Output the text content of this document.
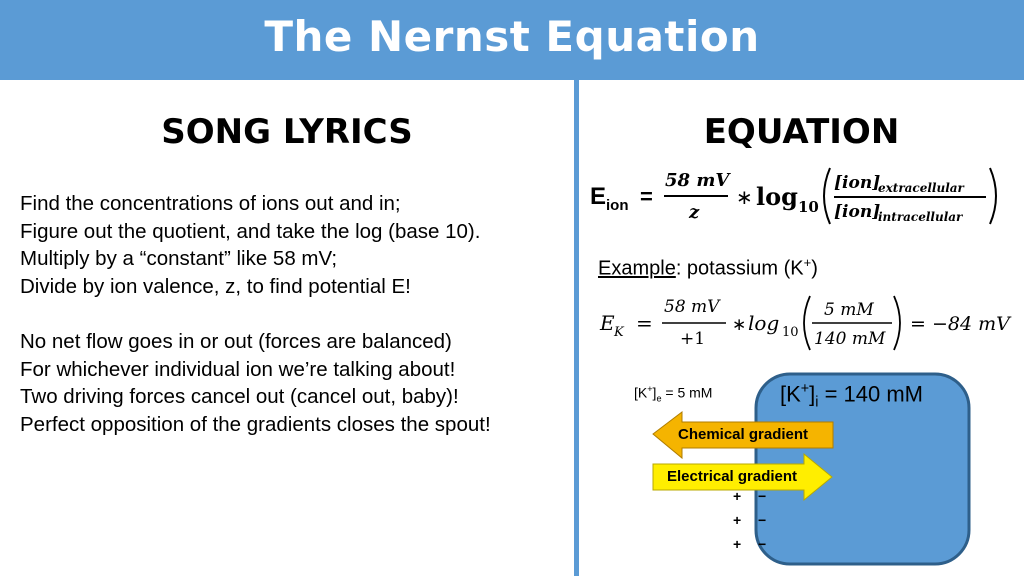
The Nernst Equation
SONG LYRICS
Find the concentrations of ions out and in;
Figure out the quotient, and take the log (base 10).
Multiply by a “constant” like 58 mV;
Divide by ion valence, z, to find potential E!
No net flow goes in or out (forces are balanced)
For whichever individual ion we’re talking about!
Two driving forces cancel out (cancel out, baby)!
Perfect opposition of the gradients closes the spout!
EQUATION
E ion =
58 mV
z
∗ log 10
[ion]
extracellular
[ion]
intracellular
Example: potassium (K+)
E K =
58 mV
+1
∗ log 10
5 mM
140 mM
= −84 mV
$[K^+]_e = 5$ mM	$[K^+]_i = 140$ mM
Chemical gradient
Electrical gradient
+ −
+ −
+ −
